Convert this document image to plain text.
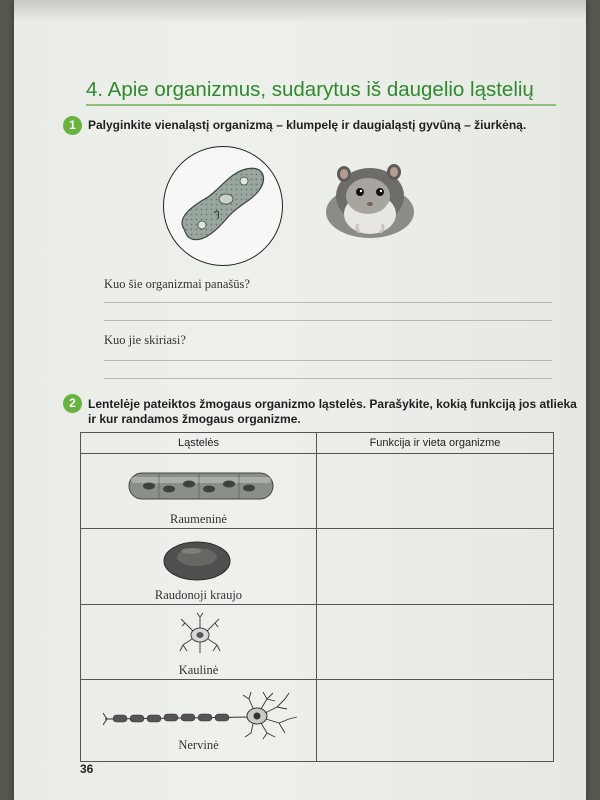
4. Apie organizmus, sudarytus iš daugelio ląstelių
1	Palyginkite vienaląstį organizmą – klumpelę ir daugialąstį gyvūną – žiurkėną.
Kuo šie organizmai panašūs?
Kuo jie skiriasi?
2	Lentelėje pateiktos žmogaus organizmo ląstelės. Parašykite, kokią funkciją jos atlieka
ir kur randamos žmogaus organizme.
Ląstelės	Funkcija ir vieta organizme
Raumeninė
Raudonoji kraujo
Kaulinė
Nervinė
36
